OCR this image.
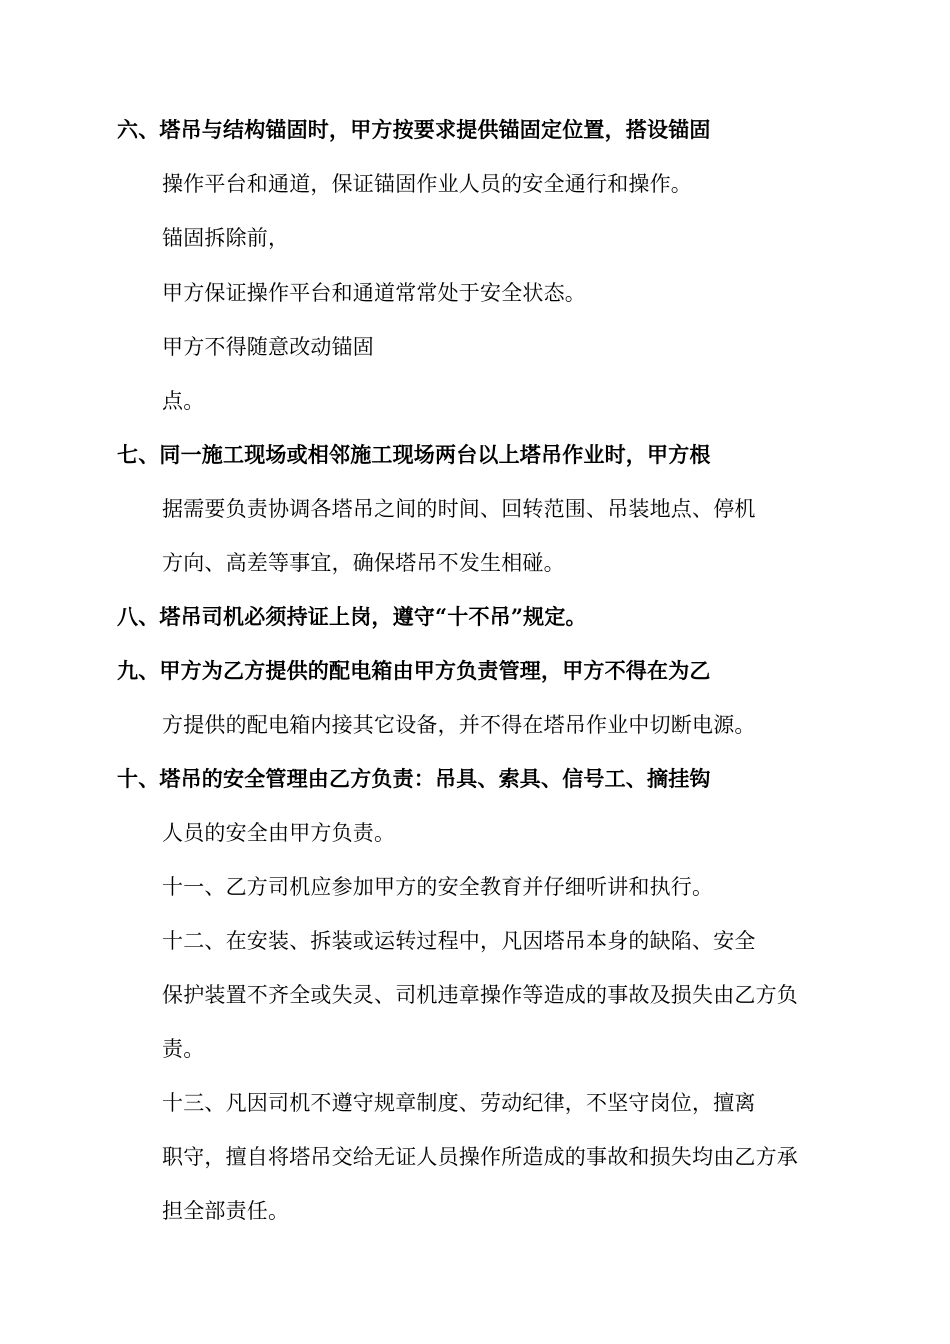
六、塔吊与结构锚固时，甲方按要求提供锚固定位置，搭设锚固
操作平台和通道，保证锚固作业人员的安全通行和操作。
锚固拆除前，
甲方保证操作平台和通道常常处于安全状态。
甲方不得随意改动锚固
点。
七、同一施工现场或相邻施工现场两台以上塔吊作业时，甲方根
据需要负责协调各塔吊之间的时间、回转范围、吊装地点、停机
方向、高差等事宜，确保塔吊不发生相碰。
八、塔吊司机必须持证上岗，遵守“十不吊”规定。
九、甲方为乙方提供的配电箱由甲方负责管理，甲方不得在为乙
方提供的配电箱内接其它设备，并不得在塔吊作业中切断电源。
十、塔吊的安全管理由乙方负责：吊具、索具、信号工、摘挂钩
人员的安全由甲方负责。
十一、乙方司机应参加甲方的安全教育并仔细听讲和执行。
十二、在安装、拆装或运转过程中，凡因塔吊本身的缺陷、安全
保护装置不齐全或失灵、司机违章操作等造成的事故及损失由乙方负
责。
十三、凡因司机不遵守规章制度、劳动纪律，不坚守岗位，擅离
职守，擅自将塔吊交给无证人员操作所造成的事故和损失均由乙方承
担全部责任。
